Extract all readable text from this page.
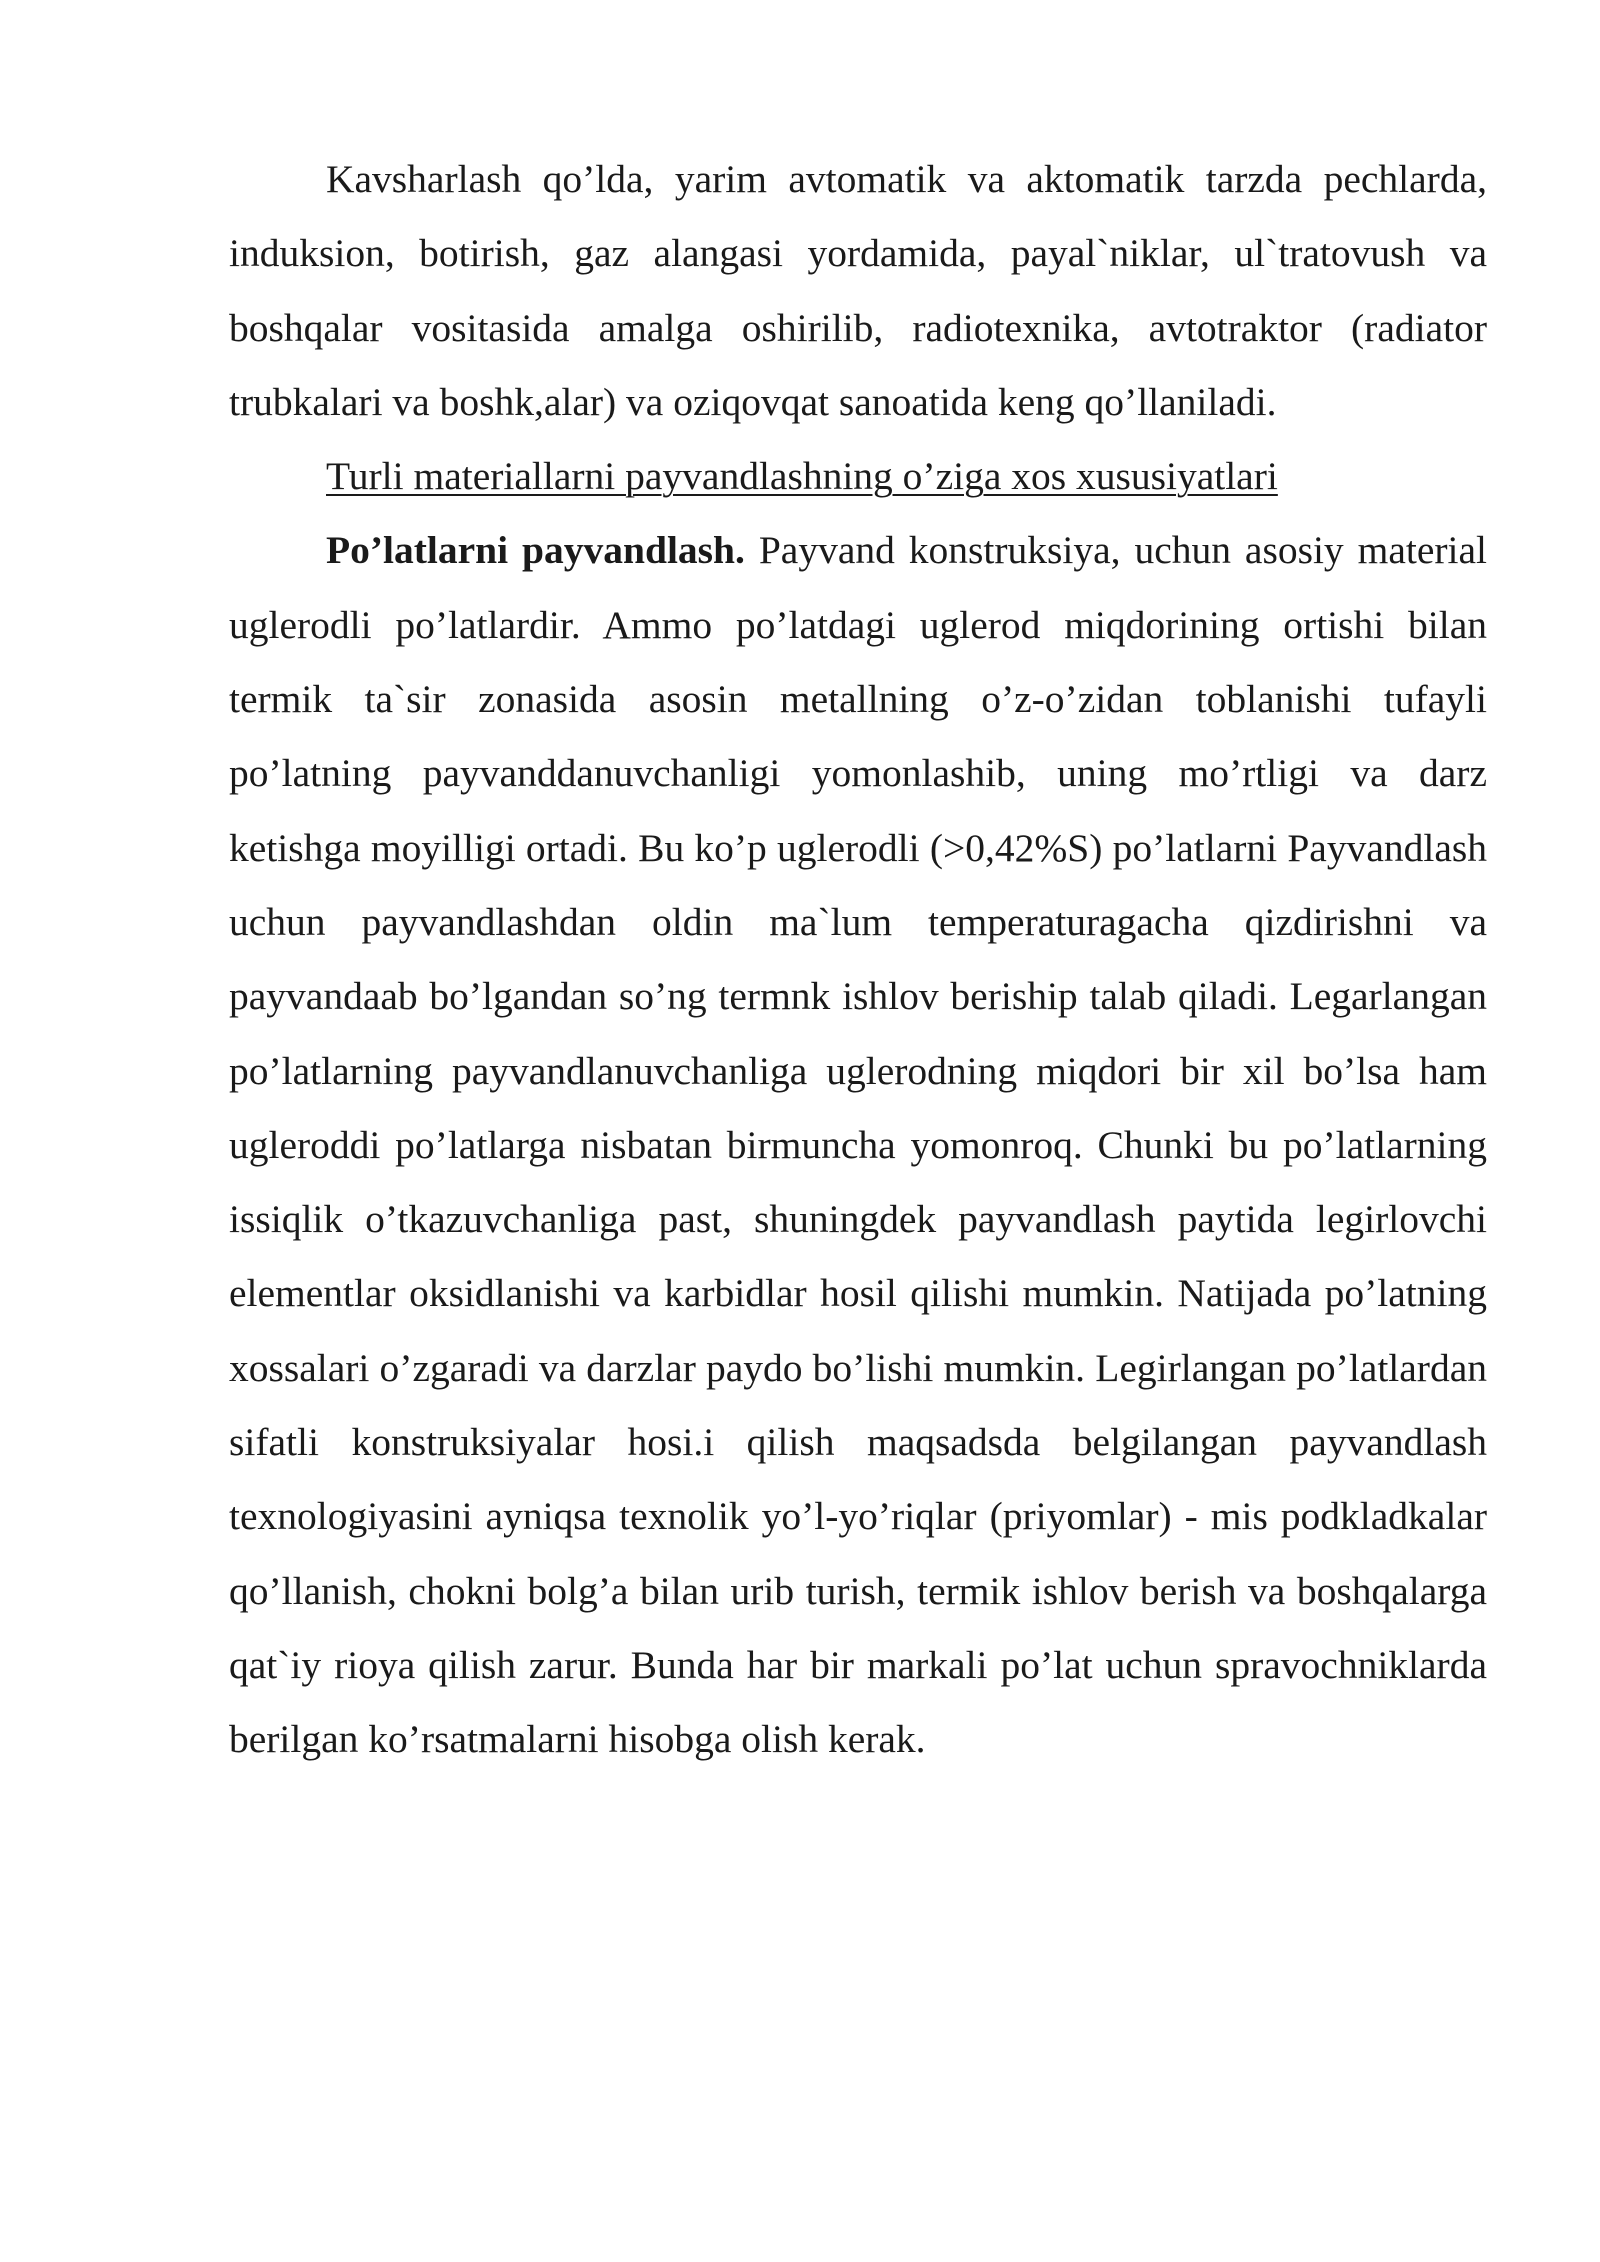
Kavsharlash qo’lda, yarim avtomatik va aktomatik tarzda pechlarda, induksion, botirish, gaz alangasi yordamida, payal`niklar, ul`tratovush va boshqalar vositasida amalga oshirilib, radiotexnika, avtotraktor (radiator trubkalari va boshk,alar) va oziqovqat sanoatida keng qo’llaniladi.

Turli materiallarni payvandlashning o’ziga xos xususiyatlari

Po’latlarni payvandlash. Payvand konstruksiya, uchun asosiy material uglerodli po’latlardir. Ammo po’latdagi uglerod miqdorining ortishi bilan termik ta`sir zonasida asosin metallning o’z-o’zidan toblanishi tufayli po’latning payvanddanuvchanligi yomonlashib, uning mo’rtligi va darz ketishga moyilligi ortadi. Bu ko’p uglerodli (>0,42%S) po’latlarni Payvandlash uchun payvandlashdan oldin ma`lum temperaturagacha qizdirishni va payvandaab bo’lgandan so’ng termnk ishlov beriship talab qiladi. Legarlangan po’latlarning payvandlanuvchanliga uglerodning miqdori bir xil bo’lsa ham ugleroddi po’latlarga nisbatan birmuncha yomonroq. Chunki bu po’latlarning issiqlik o’tkazuvchanliga past, shuningdek payvandlash paytida legirlovchi elementlar oksidlanishi va karbidlar hosil qilishi mumkin. Natijada po’latning xossalari o’zgaradi va darzlar paydo bo’lishi mumkin. Legirlangan po’latlardan sifatli konstruksiyalar hosi.i qilish maqsadsda belgilangan payvandlash texnologiyasini ayniqsa texnolik yo’l-yo’riqlar (priyomlar) - mis podkladkalar qo’llanish, chokni bolg’a bilan urib turish, termik ishlov berish va boshqalarga qat`iy rioya qilish zarur. Bunda har bir markali po’lat uchun spravochniklarda berilgan ko’rsatmalarni hisobga olish kerak.
